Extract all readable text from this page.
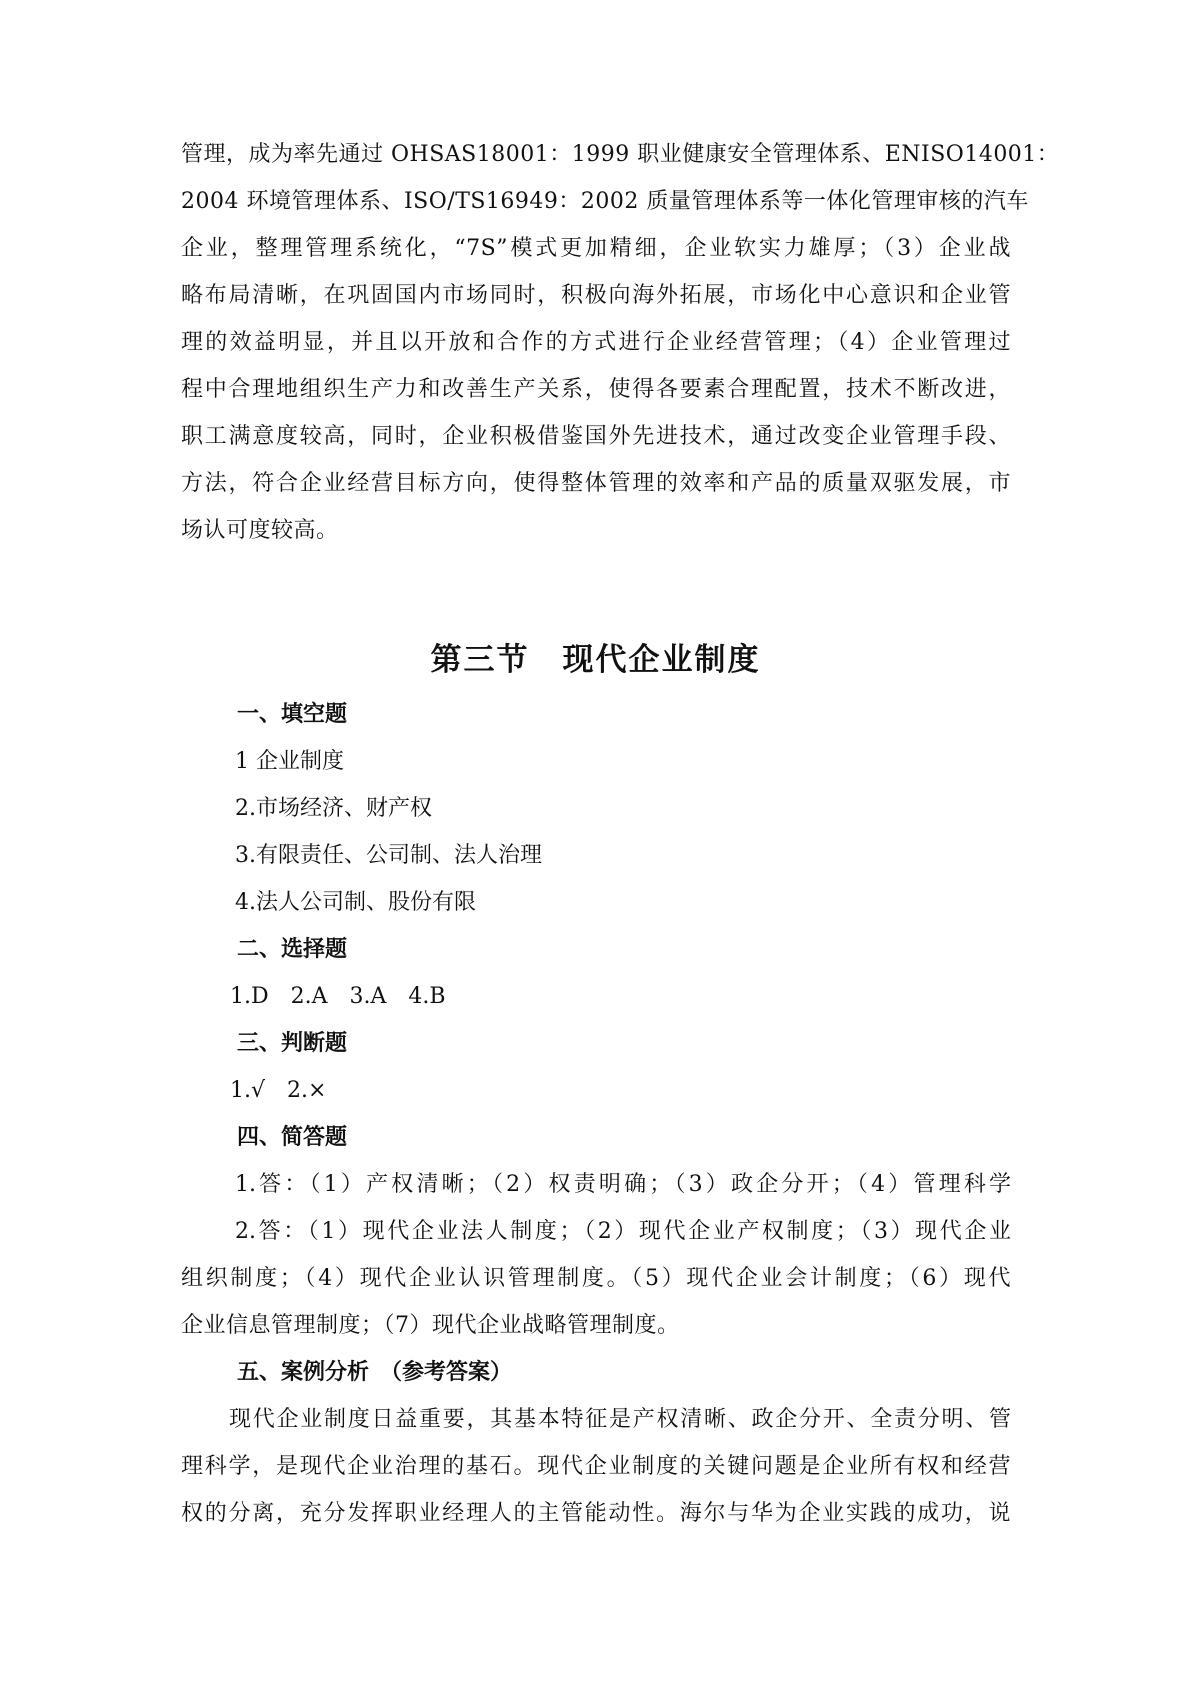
管理，成为率先通过 OHSAS18001：1999 职业健康安全管理体系、ENISO14001：
2004 环境管理体系、ISO/TS16949：2002 质量管理体系等一体化管理审核的汽车
企业，整理管理系统化，“7S”模式更加精细，企业软实力雄厚；（3）企业战
略布局清晰，在巩固国内市场同时，积极向海外拓展，市场化中心意识和企业管
理的效益明显，并且以开放和合作的方式进行企业经营管理；（4）企业管理过
程中合理地组织生产力和改善生产关系，使得各要素合理配置，技术不断改进，
职工满意度较高，同时，企业积极借鉴国外先进技术，通过改变企业管理手段、
方法，符合企业经营目标方向，使得整体管理的效率和产品的质量双驱发展，市
场认可度较高。
第三节　现代企业制度
一、填空题
1 企业制度
2.市场经济、财产权
3.有限责任、公司制、法人治理
4.法人公司制、股份有限
二、选择题
1.D　2.A　3.A　4.B
三、判断题
1.√　2.×
四、简答题
1.答：（1）产权清晰；（2）权责明确；（3）政企分开；（4）管理科学
2.答：（1）现代企业法人制度；（2）现代企业产权制度；（3）现代企业
组织制度；（4）现代企业认识管理制度。（5）现代企业会计制度；（6）现代
企业信息管理制度；（7）现代企业战略管理制度。
五、案例分析　（参考答案）
现代企业制度日益重要，其基本特征是产权清晰、政企分开、全责分明、管
理科学，是现代企业治理的基石。现代企业制度的关键问题是企业所有权和经营
权的分离，充分发挥职业经理人的主管能动性。海尔与华为企业实践的成功，说
